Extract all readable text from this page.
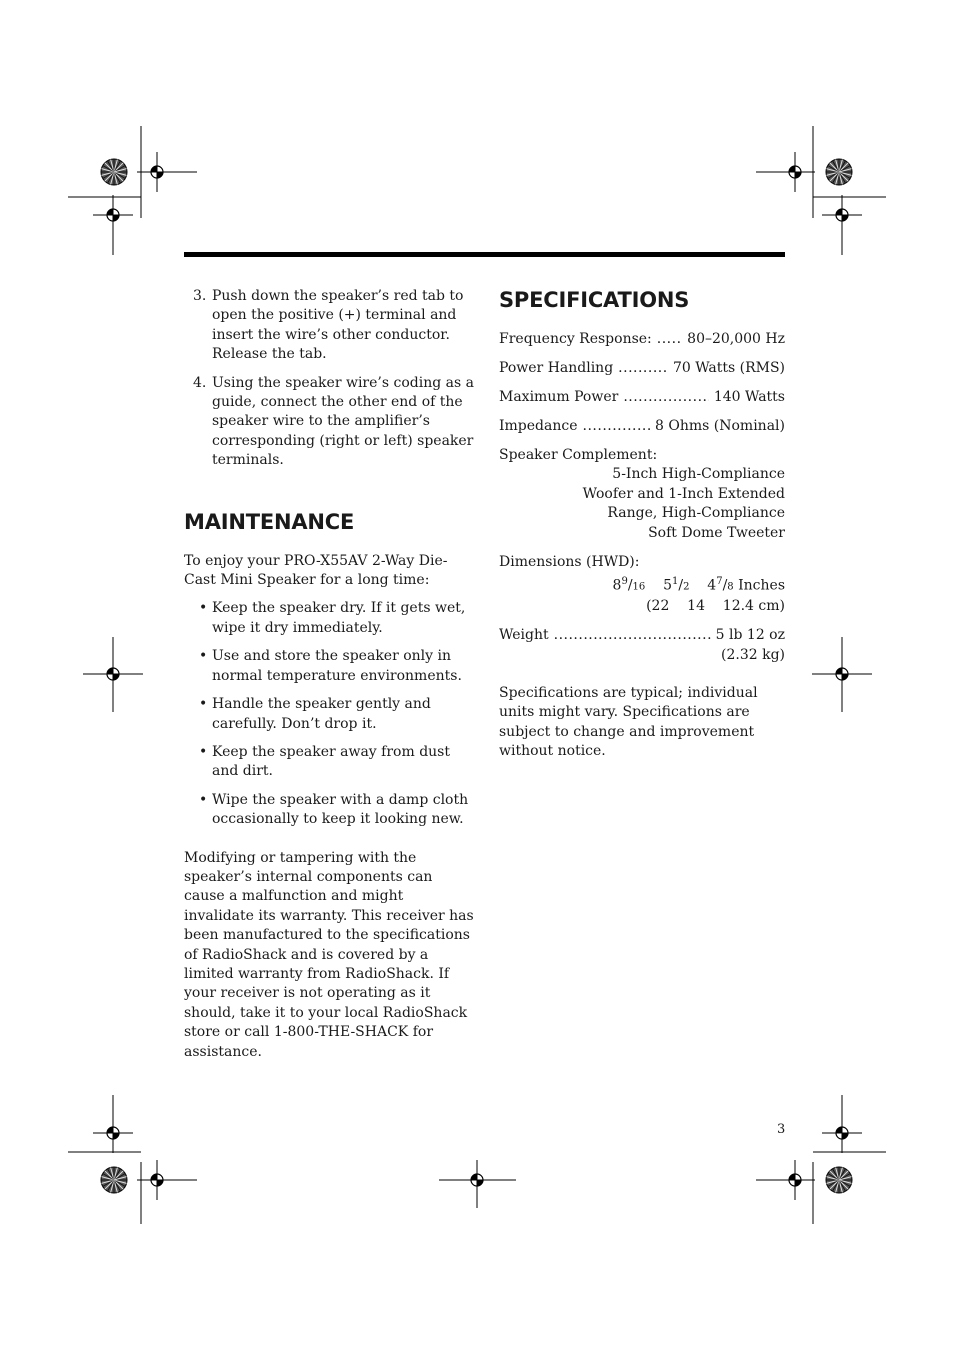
3. Push down the speaker’s red tab to open the positive (+) terminal and insert the wire’s other conductor. Release the tab.
4. Using the speaker wire’s coding as a guide, connect the other end of the speaker wire to the amplifier’s corresponding (right or left) speaker terminals.
MAINTENANCE

To enjoy your PRO-X55AV 2-Way Die-Cast Mini Speaker for a long time:

• Keep the speaker dry. If it gets wet, wipe it dry immediately.
• Use and store the speaker only in normal temperature environments.
• Handle the speaker gently and carefully. Don’t drop it.
• Keep the speaker away from dust and dirt.
• Wipe the speaker with a damp cloth occasionally to keep it looking new.

Modifying or tampering with the speaker’s internal components can cause a malfunction and might invalidate its warranty. This receiver has been manufactured to the specifications of RadioShack and is covered by a limited warranty from RadioShack. If your receiver is not operating as it should, take it to your local RadioShack store or call 1-800-THE-SHACK for assistance.

SPECIFICATIONS
Frequency Response: .....	80–20,000 Hz
Power Handling .....	70 Watts (RMS)
Maximum Power .....	140 Watts
Impedance .....	8 Ohms (Nominal)
Speaker Complement:
5-Inch High-Compliance
Woofer and 1-Inch Extended
Range, High-Compliance
Soft Dome Tweeter
Dimensions (HWD):
$8^9/16$ $5^1/2$ $4^7/8$ Inches
(22    14    12.4 cm)
Weight .....	5 lb 12 oz
(2.32 kg)

Specifications are typical; individual units might vary. Specifications are subject to change and improvement without notice.

3
